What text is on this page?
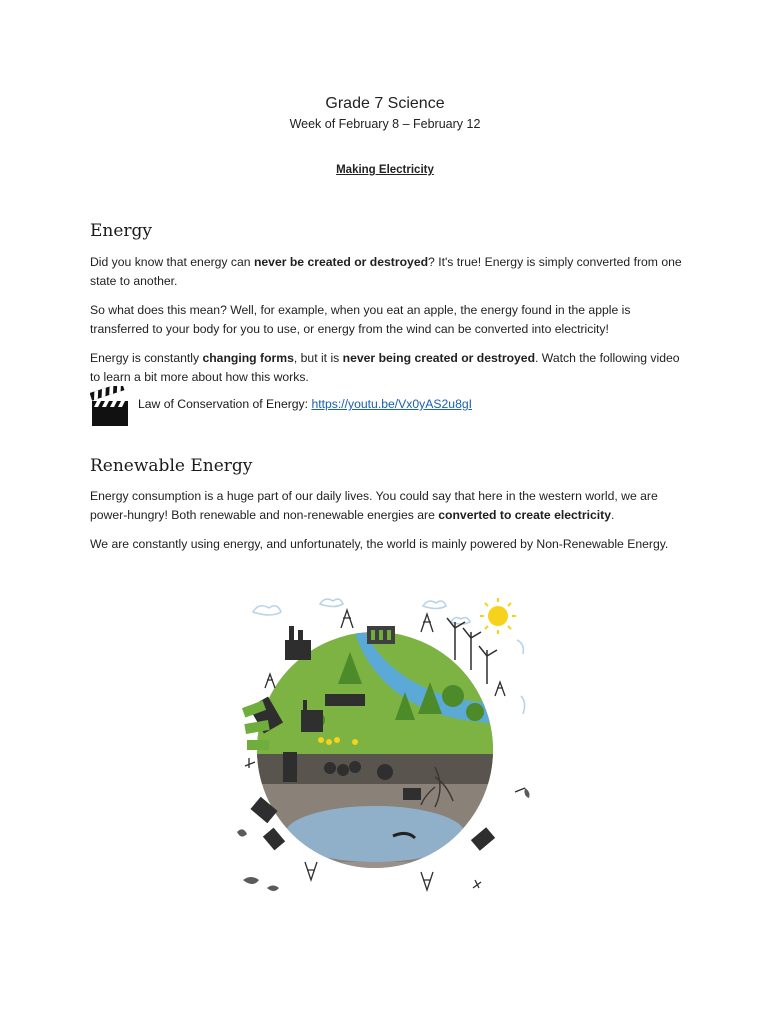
Grade 7 Science
Week of February 8 – February 12
Making Electricity
Energy

Did you know that energy can never be created or destroyed? It's true! Energy is simply converted from one state to another.

So what does this mean? Well, for example, when you eat an apple, the energy found in the apple is transferred to your body for you to use, or energy from the wind can be converted into electricity!

Energy is constantly changing forms, but it is never being created or destroyed. Watch the following video to learn a bit more about how this works.

Law of Conservation of Energy: https://youtu.be/Vx0yAS2u8gI
Renewable Energy

Energy consumption is a huge part of our daily lives. You could say that here in the western world, we are power-hungry! Both renewable and non-renewable energies are converted to create electricity.

We are constantly using energy, and unfortunately, the world is mainly powered by Non-Renewable Energy.
